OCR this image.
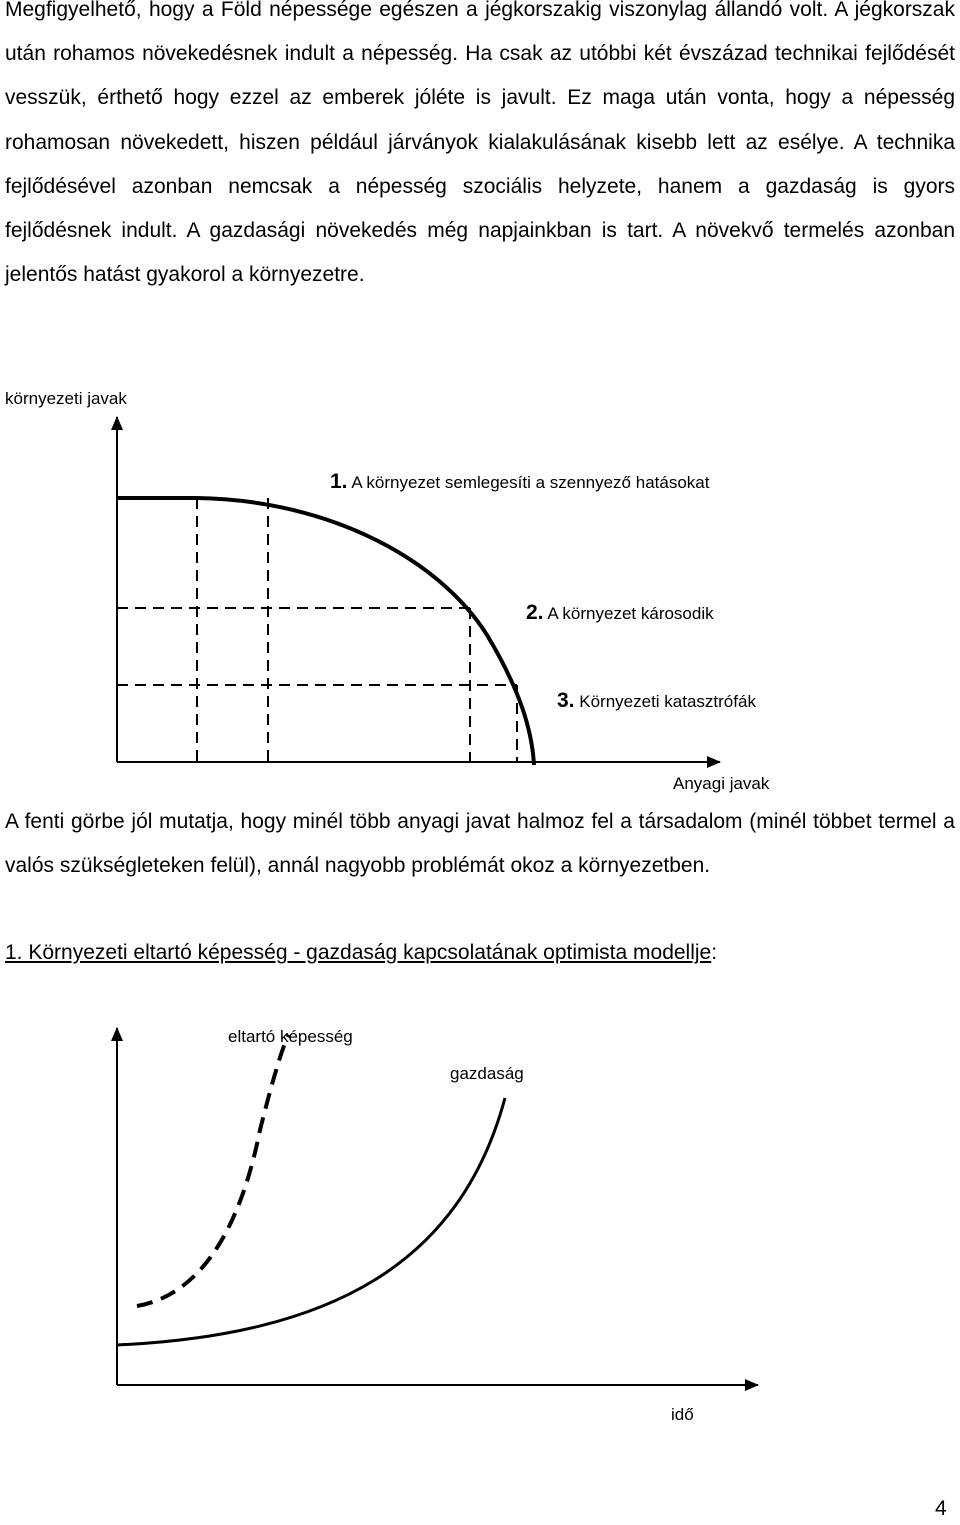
Megfigyelhető, hogy a Föld népessége egészen a jégkorszakig viszonylag állandó volt. A jégkorszak után rohamos növekedésnek indult a népesség. Ha csak az utóbbi két évszázad technikai fejlődését vesszük, érthető hogy ezzel az emberek jóléte is javult. Ez maga után vonta, hogy a népesség rohamosan növekedett, hiszen például járványok kialakulásának kisebb lett az esélye. A technika fejlődésével azonban nemcsak a népesség szociális helyzete, hanem a gazdaság is gyors fejlődésnek indult. A gazdasági növekedés még napjainkban is tart. A növekvő termelés azonban jelentős hatást gyakorol a környezetre.

környezeti javak
1. A környezet semlegesíti a szennyező hatásokat
2. A környezet károsodik
3. Környezeti katasztrófák
Anyagi javak

A fenti görbe jól mutatja, hogy minél több anyagi javat halmoz fel a társadalom (minél többet termel a valós szükségleteken felül), annál nagyobb problémát okoz a környezetben.

1. Környezeti eltartó képesség - gazdaság kapcsolatának optimista modellje:
eltartó képesség
gazdaság
idő
4
